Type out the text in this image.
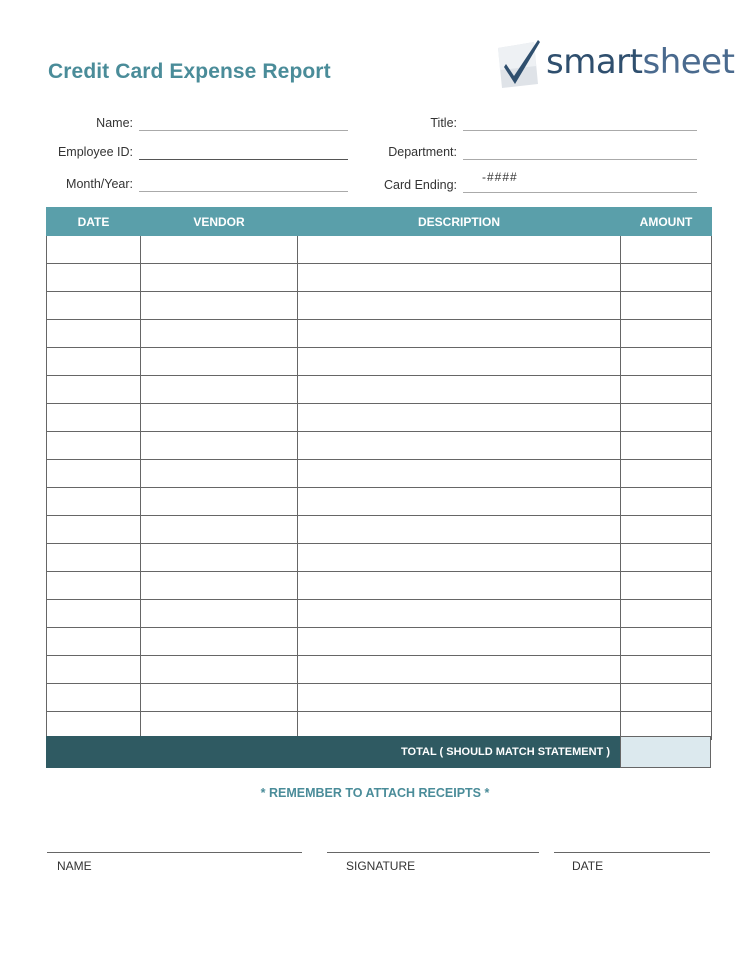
Credit Card Expense Report	smartsheet
Name:
Employee ID:
Month/Year:
Title:
Department:
Card Ending:
-####
DATE	VENDOR	DESCRIPTION	AMOUNT

TOTAL ( SHOULD MATCH STATEMENT )
* REMEMBER TO ATTACH RECEIPTS *
NAME	SIGNATURE	DATE
